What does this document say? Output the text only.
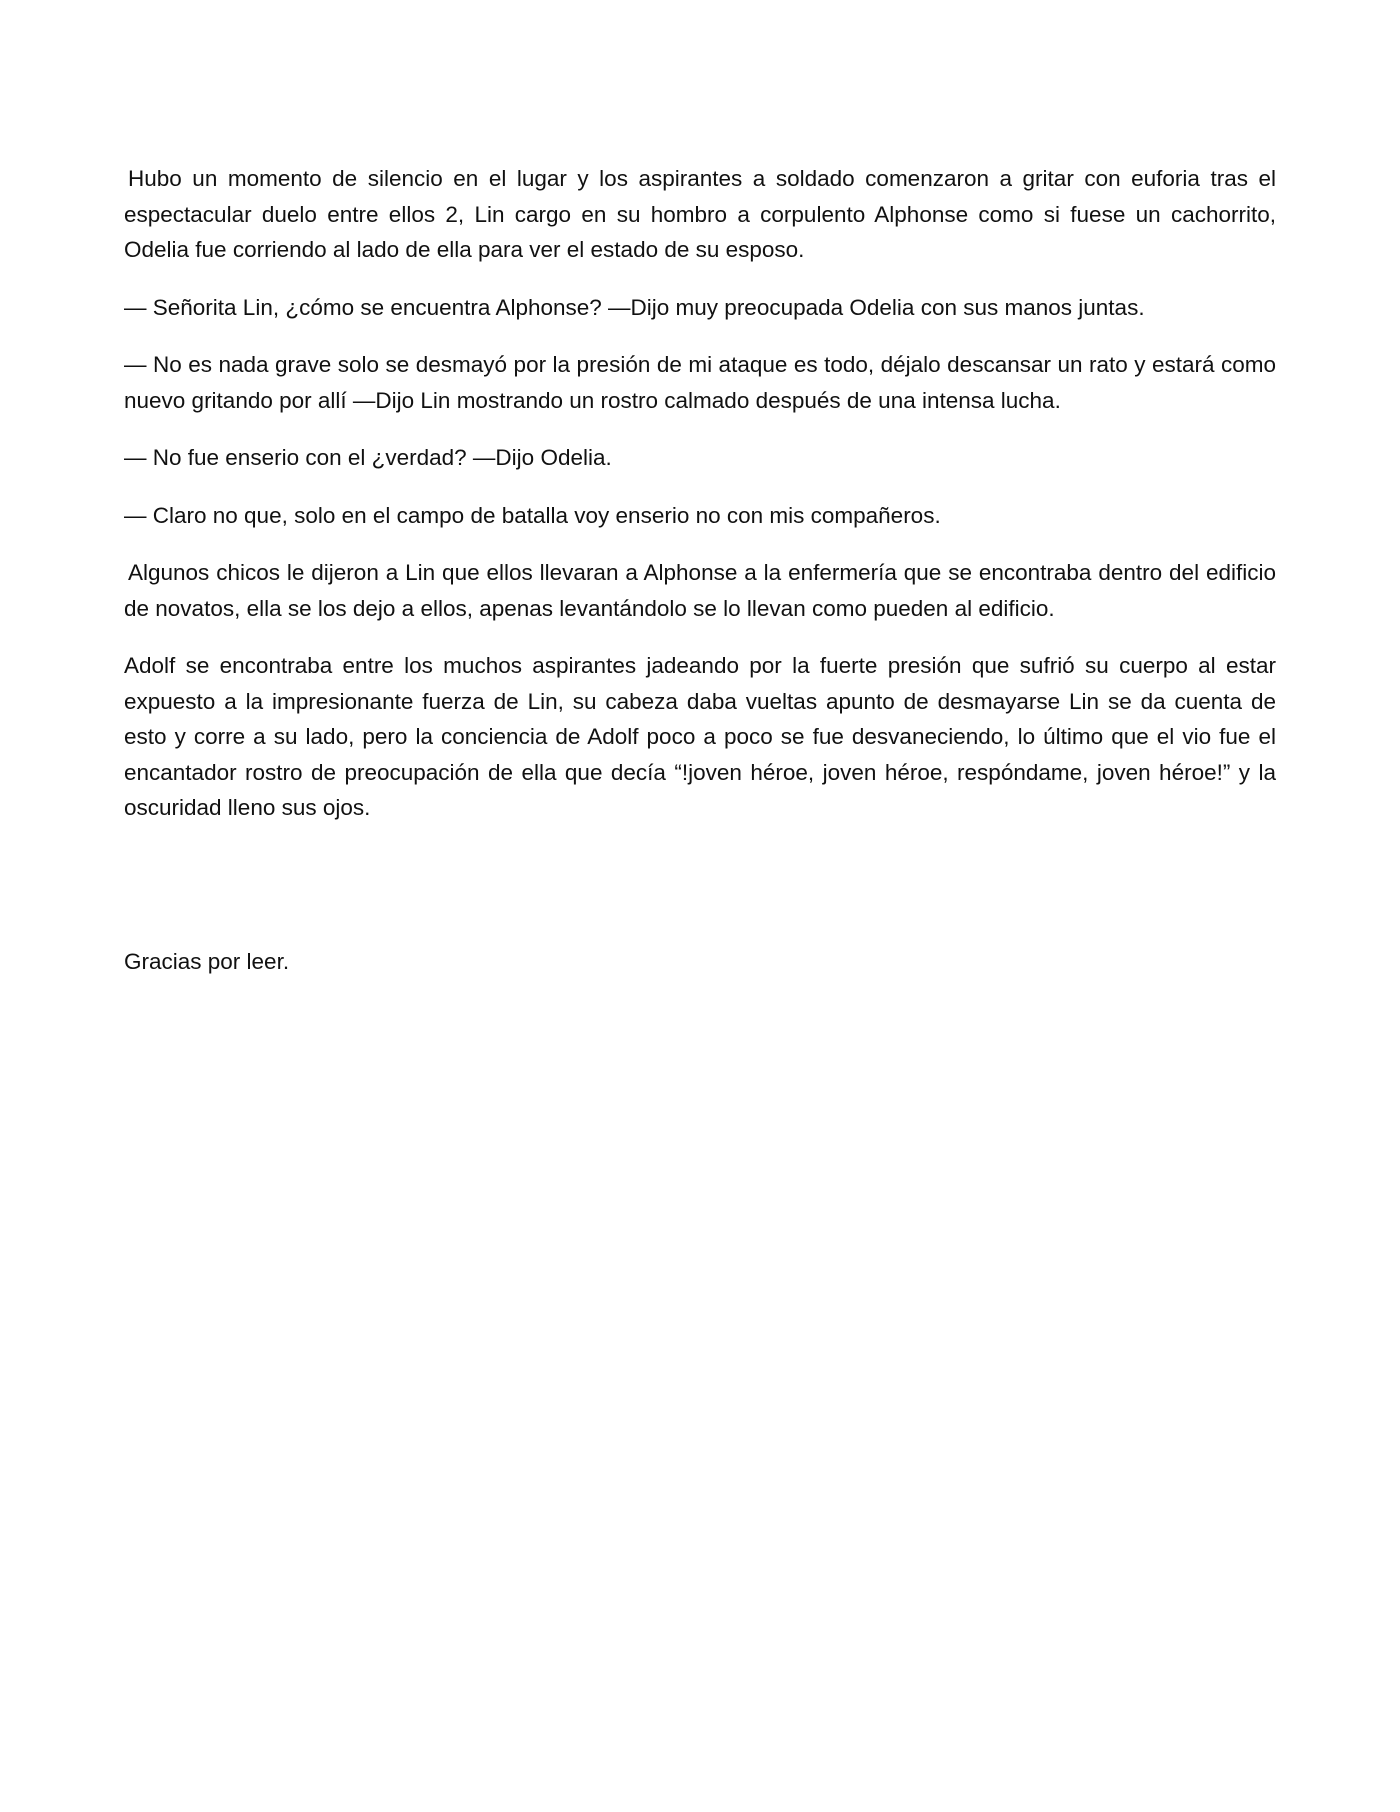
Hubo un momento de silencio en el lugar y los aspirantes a soldado comenzaron a gritar con euforia tras el espectacular duelo entre ellos 2, Lin cargo en su hombro a corpulento Alphonse como si fuese un cachorrito, Odelia fue corriendo al lado de ella para ver el estado de su esposo.

— Señorita Lin, ¿cómo se encuentra Alphonse? —Dijo muy preocupada Odelia con sus manos juntas.

— No es nada grave solo se desmayó por la presión de mi ataque es todo, déjalo descansar un rato y estará como nuevo gritando por allí —Dijo Lin mostrando un rostro calmado después de una intensa lucha.

— No fue enserio con el ¿verdad? —Dijo Odelia.

— Claro no que, solo en el campo de batalla voy enserio no con mis compañeros.

Algunos chicos le dijeron a Lin que ellos llevaran a Alphonse a la enfermería que se encontraba dentro del edificio de novatos, ella se los dejo a ellos, apenas levantándolo se lo llevan como pueden al edificio.

Adolf se encontraba entre los muchos aspirantes jadeando por la fuerte presión que sufrió su cuerpo al estar expuesto a la impresionante fuerza de Lin, su cabeza daba vueltas apunto de desmayarse Lin se da cuenta de esto y corre a su lado, pero la conciencia de Adolf poco a poco se fue desvaneciendo, lo último que el vio fue el encantador rostro de preocupación de ella que decía “!joven héroe, joven héroe, respóndame, joven héroe!” y la oscuridad lleno sus ojos.

Gracias por leer.
